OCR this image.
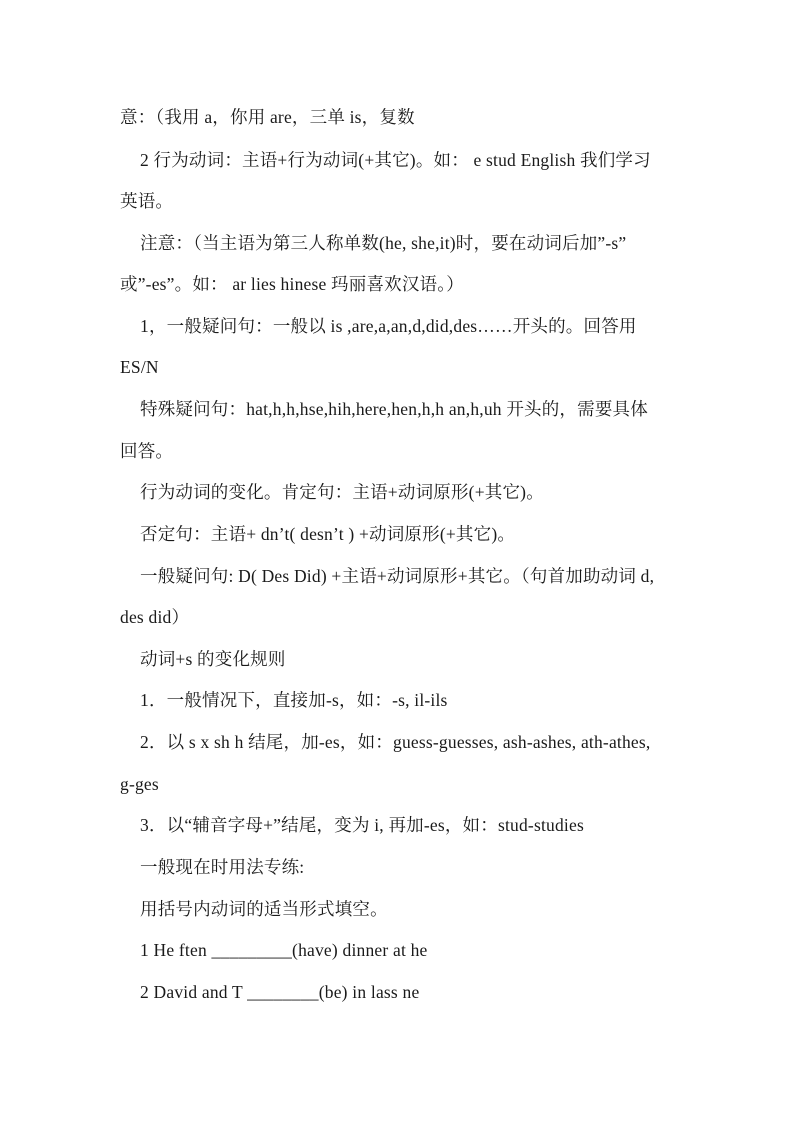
意：（我用 a，你用 are，三单 is，复数
2 行为动词：主语+行为动词(+其它)。如： e stud English 我们学习
英语。
注意：（当主语为第三人称单数(he, she,it)时，要在动词后加”-s”
或”-es”。如： ar lies hinese 玛丽喜欢汉语。）
1，一般疑问句：一般以 is ,are,a,an,d,did,des……开头的。回答用
ES/N
特殊疑问句：hat,h,h,hse,hih,here,hen,h,h an,h,uh 开头的，需要具体
回答。
行为动词的变化。肯定句：主语+动词原形(+其它)。
否定句：主语+ dn’t( desn’t ) +动词原形(+其它)。
一般疑问句: D( Des Did) +主语+动词原形+其它。（句首加助动词 d,
des did）
动词+s 的变化规则
1．一般情况下，直接加-s，如：-s, il-ils
2．以 s x sh h 结尾，加-es，如：guess-guesses, ash-ashes, ath-athes,
g-ges
3．以“辅音字母+”结尾，变为 i, 再加-es，如：stud-studies
一般现在时用法专练:
用括号内动词的适当形式填空。
1 He ften _________(have) dinner at he
2 David and T ________(be) in lass ne
